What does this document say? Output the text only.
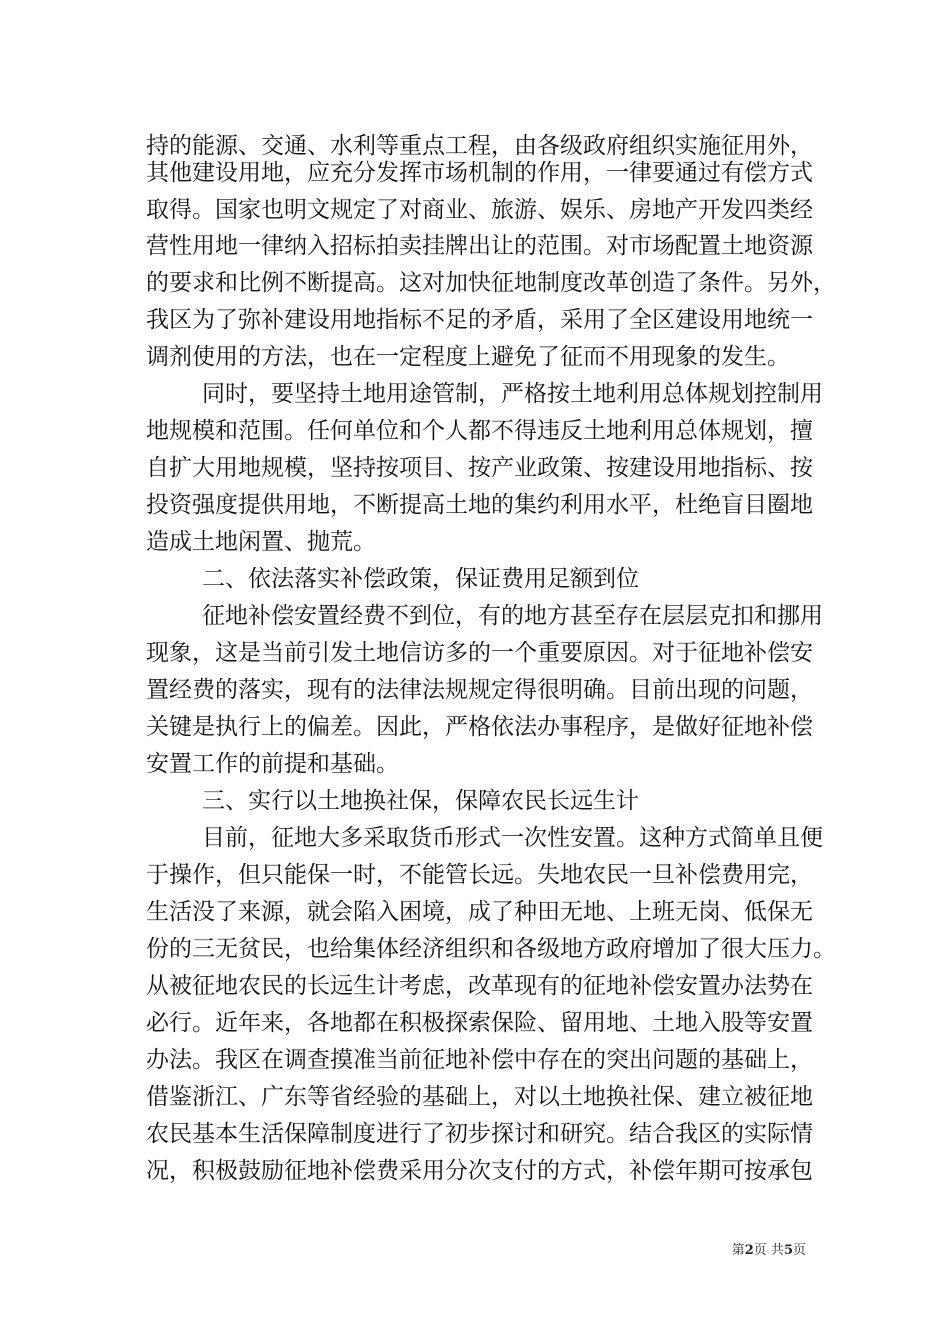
持的能源、交通、水利等重点工程，由各级政府组织实施征用外，
其他建设用地，应充分发挥市场机制的作用，一律要通过有偿方式
取得。国家也明文规定了对商业、旅游、娱乐、房地产开发四类经
营性用地一律纳入招标拍卖挂牌出让的范围。对市场配置土地资源
的要求和比例不断提高。这对加快征地制度改革创造了条件。另外，
我区为了弥补建设用地指标不足的矛盾，采用了全区建设用地统一
调剂使用的方法，也在一定程度上避免了征而不用现象的发生。
同时，要坚持土地用途管制，严格按土地利用总体规划控制用
地规模和范围。任何单位和个人都不得违反土地利用总体规划，擅
自扩大用地规模，坚持按项目、按产业政策、按建设用地指标、按
投资强度提供用地，不断提高土地的集约利用水平，杜绝盲目圈地
造成土地闲置、抛荒。
二、依法落实补偿政策，保证费用足额到位
征地补偿安置经费不到位，有的地方甚至存在层层克扣和挪用
现象，这是当前引发土地信访多的一个重要原因。对于征地补偿安
置经费的落实，现有的法律法规规定得很明确。目前出现的问题，
关键是执行上的偏差。因此，严格依法办事程序，是做好征地补偿
安置工作的前提和基础。
三、实行以土地换社保，保障农民长远生计
目前，征地大多采取货币形式一次性安置。这种方式简单且便
于操作，但只能保一时，不能管长远。失地农民一旦补偿费用完，
生活没了来源，就会陷入困境，成了种田无地、上班无岗、低保无
份的三无贫民，也给集体经济组织和各级地方政府增加了很大压力。
从被征地农民的长远生计考虑，改革现有的征地补偿安置办法势在
必行。近年来，各地都在积极探索保险、留用地、土地入股等安置
办法。我区在调查摸准当前征地补偿中存在的突出问题的基础上，
借鉴浙江、广东等省经验的基础上，对以土地换社保、建立被征地
农民基本生活保障制度进行了初步探讨和研究。结合我区的实际情
况，积极鼓励征地补偿费采用分次支付的方式，补偿年期可按承包
第2页 共5页
